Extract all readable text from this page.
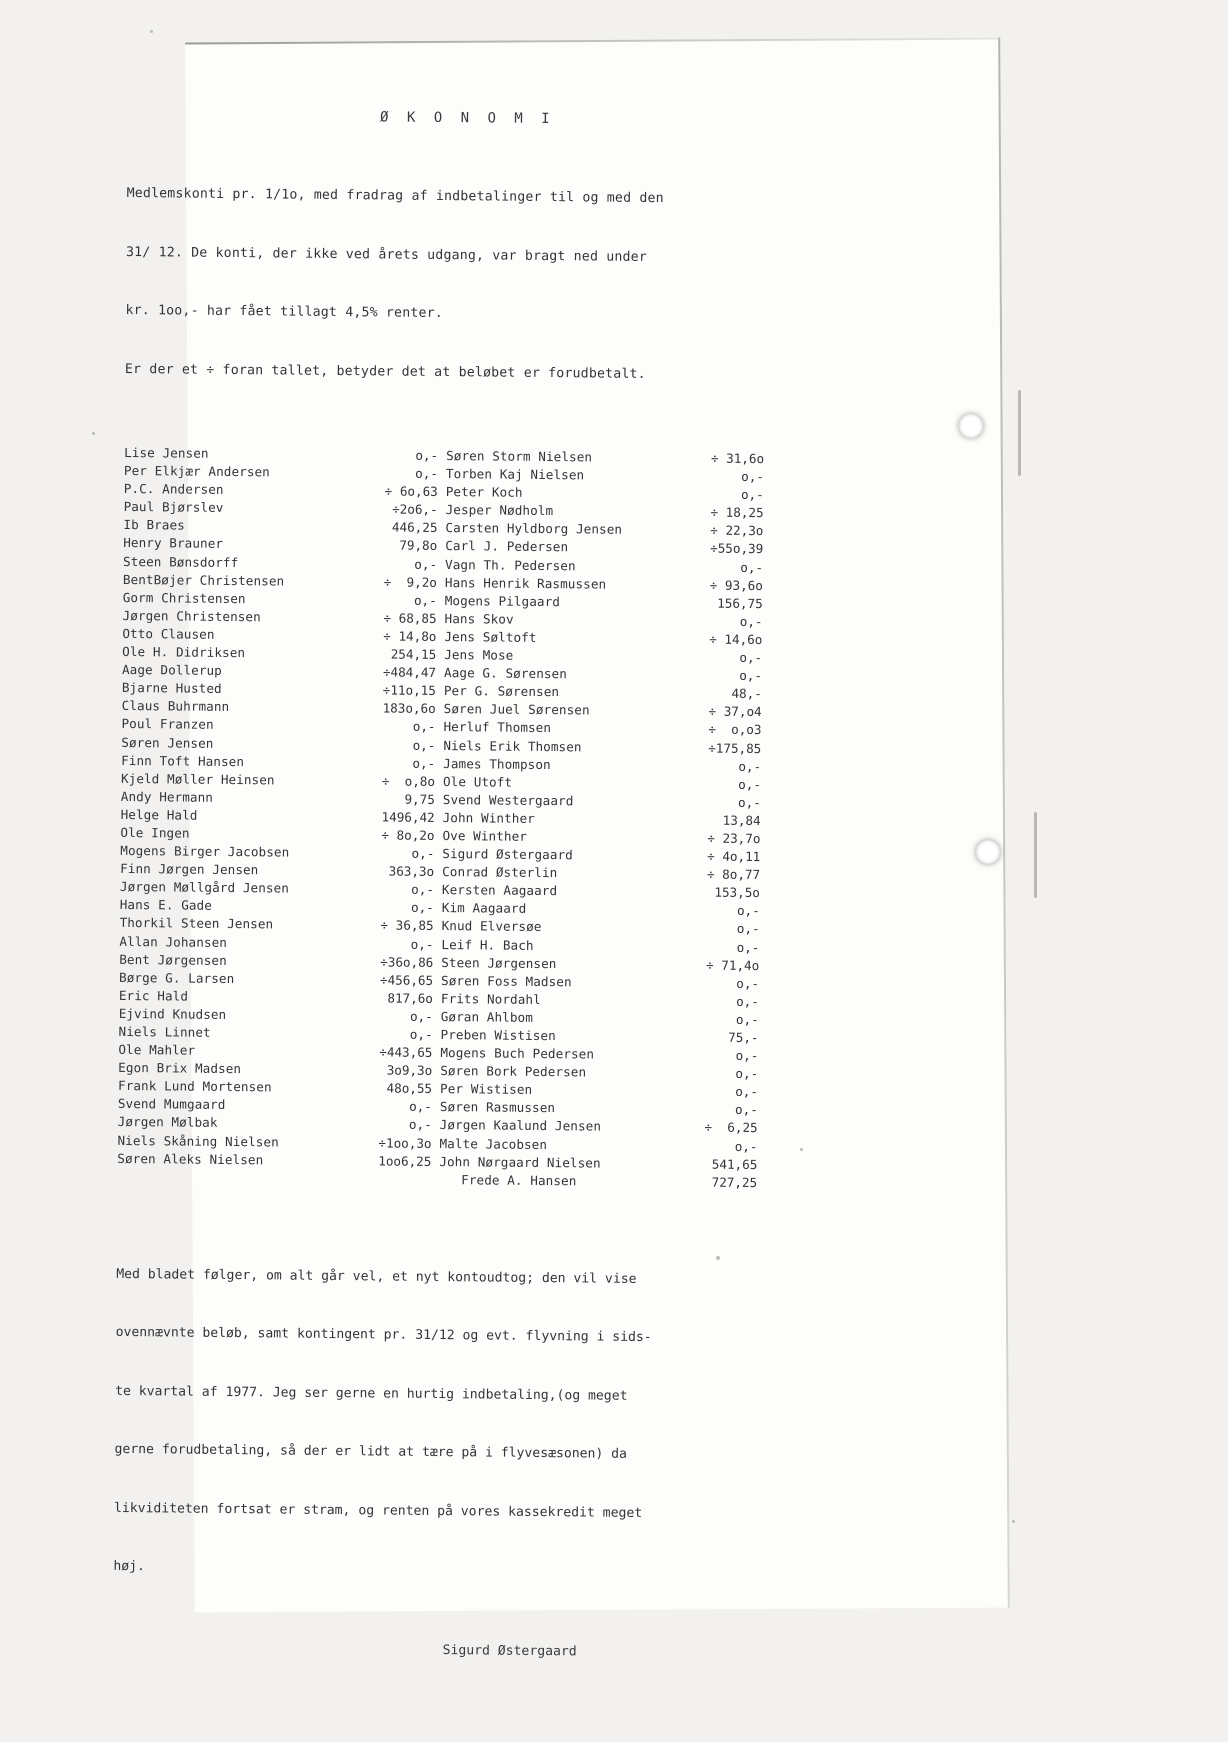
Ø K O N O M I

Medlemskonti pr. 1/1o, med fradrag af indbetalinger til og med den

31/ 12. De konti, der ikke ved årets udgang, var bragt ned under

kr. 1oo,- har fået tillagt 4,5% renter.

Er der et ÷ foran tallet, betyder det at beløbet er forudbetalt.

Lise Jensen	o,-
Per Elkjær Andersen	o,-
P.C. Andersen	÷ 6o,63
Paul Bjørslev	÷2o6,-
Ib Braes	446,25
Henry Brauner	79,8o
Steen Bønsdorff	o,-
BentBøjer Christensen	÷  9,2o
Gorm Christensen	o,-
Jørgen Christensen	÷ 68,85
Otto Clausen	÷ 14,8o
Ole H. Didriksen	254,15
Aage Dollerup	÷484,47
Bjarne Husted	÷11o,15
Claus Buhrmann	183o,6o
Poul Franzen	o,-
Søren Jensen	o,-
Finn Toft Hansen	o,-
Kjeld Møller Heinsen	÷  o,8o
Andy Hermann	9,75
Helge Hald	1496,42
Ole Ingen	÷ 8o,2o
Mogens Birger Jacobsen	o,-
Finn Jørgen Jensen	363,3o
Jørgen Møllgård Jensen	o,-
Hans E. Gade	o,-
Thorkil Steen Jensen	÷ 36,85
Allan Johansen	o,-
Bent Jørgensen	÷36o,86
Børge G. Larsen	÷456,65
Eric Hald	817,6o
Ejvind Knudsen	o,-
Niels Linnet	o,-
Ole Mahler	÷443,65
Egon Brix Madsen	3o9,3o
Frank Lund Mortensen	48o,55
Svend Mumgaard	o,-
Jørgen Mølbak	o,-
Niels Skåning Nielsen	÷1oo,3o
Søren Aleks Nielsen	1oo6,25
Søren Storm Nielsen	÷ 31,6o
Torben Kaj Nielsen	o,-
Peter Koch	o,-
Jesper Nødholm	÷ 18,25
Carsten Hyldborg Jensen	÷ 22,3o
Carl J. Pedersen	÷55o,39
Vagn Th. Pedersen	o,-
Hans Henrik Rasmussen	÷ 93,6o
Mogens Pilgaard	156,75
Hans Skov	o,-
Jens Søltoft	÷ 14,6o
Jens Mose	o,-
Aage G. Sørensen	o,-
Per G. Sørensen	48,-
Søren Juel Sørensen	÷ 37,o4
Herluf Thomsen	÷  o,o3
Niels Erik Thomsen	÷175,85
James Thompson	o,-
Ole Utoft	o,-
Svend Westergaard	o,-
John Winther	13,84
Ove Winther	÷ 23,7o
Sigurd Østergaard	÷ 4o,11
Conrad Østerlin	÷ 8o,77
Kersten Aagaard	153,5o
Kim Aagaard	o,-
Knud Elversøe	o,-
Leif H. Bach	o,-
Steen Jørgensen	÷ 71,4o
Søren Foss Madsen	o,-
Frits Nordahl	o,-
Gøran Ahlbom	o,-
Preben Wistisen	75,-
Mogens Buch Pedersen	o,-
Søren Bork Pedersen	o,-
Per Wistisen	o,-
Søren Rasmussen	o,-
Jørgen Kaalund Jensen	÷  6,25
Malte Jacobsen	o,-
John Nørgaard Nielsen	541,65
Frede A. Hansen	727,25

Med bladet følger, om alt går vel, et nyt kontoudtog; den vil vise

ovennævnte beløb, samt kontingent pr. 31/12 og evt. flyvning i sids-

te kvartal af 1977. Jeg ser gerne en hurtig indbetaling,(og meget

gerne forudbetaling, så der er lidt at tære på i flyvesæsonen) da

likviditeten fortsat er stram, og renten på vores kassekredit meget

høj.

Sigurd Østergaard
